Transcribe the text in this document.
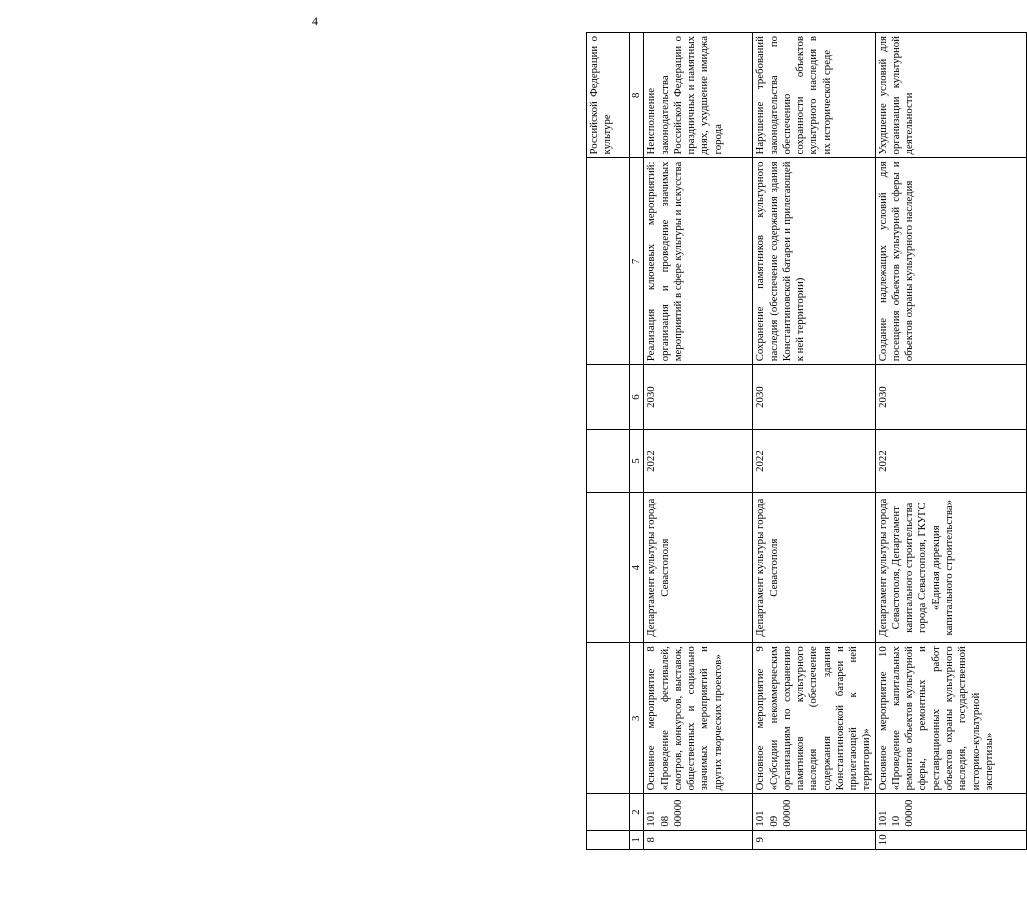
4
							Российской Федерации о культуре
1	2	3	4	5	6	7	8
8	101 08 00000	Основное мероприятие 8 «Проведение фестивалей, смотров, конкурсов, выставок, общественных и социально значимых мероприятий и других творческих проектов»	Департамент культуры города Севастополя	2022	2030	Реализация ключевых мероприятий: организация и проведение значимых мероприятий в сфере культуры и искусства	Неисполнение законодательства Российской Федерации о праздничных и памятных днях, ухудшение имиджа города
9	101 09 00000	Основное мероприятие 9 «Субсидии некоммерческим организациям по сохранению памятников культурного наследия (обеспечение содержания здания Константиновской батареи и прилегающей к ней территории)»	Департамент культуры города Севастополя	2022	2030	Сохранение памятников культурного наследия (обеспечение содержания здания Константиновской батареи и прилегающей к ней территории)	Нарушение требований законодательства по обеспечению сохранности объектов культурного наследия в их исторической среде
10	101 10 00000	Основное мероприятие 10 «Проведение капитальных ремонтов объектов культурной сферы, ремонтных и реставрационных работ объектов охраны культурного наследия, государственной историко-культурной экспертизы»	Департамент культуры города Севастополя, Департамент капитального строительства города Севастополя, ГКУГС «Единая дирекция капитального строительства»	2022	2030	Создание надлежащих условий для посещения объектов культурной сферы и объектов охраны культурного наследия	Ухудшение условий для организации культурной деятельности
